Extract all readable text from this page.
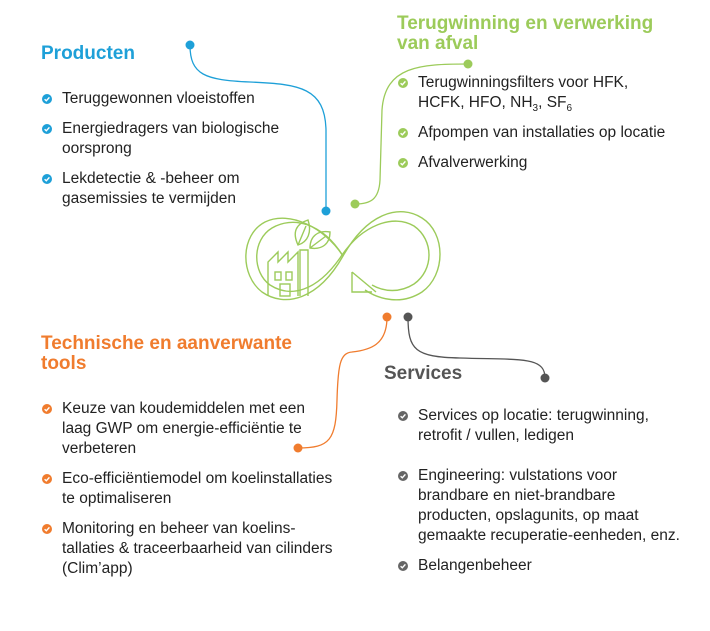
Producten
Teruggewonnen vloeistoffen
Energiedragers van biologische oorsprong
Lekdetectie & -beheer om gasemissies te vermijden
Terugwinning en verwerking
van afval
Terugwinningsfilters voor HFK,
HCFK, HFO, $NH_3$, $SF_6$
Afpompen van installaties op locatie
Afvalverwerking
Technische en aanverwante
tools
Keuze van koudemiddelen met een laag GWP om energie-efficiëntie te verbeteren
Eco-efficiëntiemodel om koelinstallaties te optimaliseren
Monitoring en beheer van koelins-tallaties & traceerbaarheid van cilinders (Clim’app)
Services
Services op locatie: terugwinning, retrofit / vullen, ledigen
Engineering: vulstations voor brandbare en niet-brandbare producten, opslagunits, op maat gemaakte recuperatie-eenheden, enz.
Belangenbeheer
